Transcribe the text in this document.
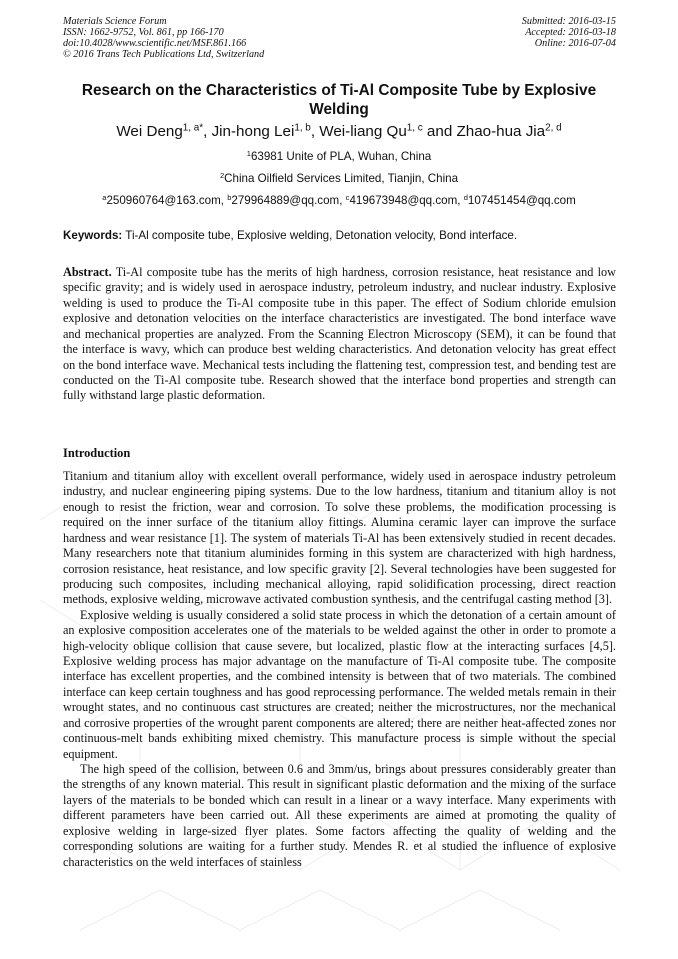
Materials Science Forum
ISSN: 1662-9752, Vol. 861, pp 166-170
doi:10.4028/www.scientific.net/MSF.861.166
© 2016 Trans Tech Publications Ltd, Switzerland
Submitted: 2016-03-15
Accepted: 2016-03-18
Online: 2016-07-04
Research on the Characteristics of Ti-Al Composite Tube by Explosive Welding
Wei Deng$^{1, a*}$, Jin-hong Lei$^{1, b}$, Wei-liang Qu$^{1, c}$ and Zhao-hua Jia$^{2, d}$
$^1$63981 Unite of PLA, Wuhan, China
$^2$China Oilfield Services Limited, Tianjin, China
$^a$250960764@163.com, $^b$279964889@qq.com, $^c$419673948@qq.com, $^d$107451454@qq.com
Keywords: Ti-Al composite tube, Explosive welding, Detonation velocity, Bond interface.
Abstract. Ti-Al composite tube has the merits of high hardness, corrosion resistance, heat resistance and low specific gravity; and is widely used in aerospace industry, petroleum industry, and nuclear industry. Explosive welding is used to produce the Ti-Al composite tube in this paper. The effect of Sodium chloride emulsion explosive and detonation velocities on the interface characteristics are investigated. The bond interface wave and mechanical properties are analyzed. From the Scanning Electron Microscopy (SEM), it can be found that the interface is wavy, which can produce best welding characteristics. And detonation velocity has great effect on the bond interface wave. Mechanical tests including the flattening test, compression test, and bending test are conducted on the Ti-Al composite tube. Research showed that the interface bond properties and strength can fully withstand large plastic deformation.
Introduction

Titanium and titanium alloy with excellent overall performance, widely used in aerospace industry petroleum industry, and nuclear engineering piping systems. Due to the low hardness, titanium and titanium alloy is not enough to resist the friction, wear and corrosion. To solve these problems, the modification processing is required on the inner surface of the titanium alloy fittings. Alumina ceramic layer can improve the surface hardness and wear resistance [1]. The system of materials Ti-Al has been extensively studied in recent decades. Many researchers note that titanium aluminides forming in this system are characterized with high hardness, corrosion resistance, heat resistance, and low specific gravity [2]. Several technologies have been suggested for producing such composites, including mechanical alloying, rapid solidification processing, direct reaction methods, explosive welding, microwave activated combustion synthesis, and the centrifugal casting method [3].

Explosive welding is usually considered a solid state process in which the detonation of a certain amount of an explosive composition accelerates one of the materials to be welded against the other in order to promote a high-velocity oblique collision that cause severe, but localized, plastic flow at the interacting surfaces [4,5]. Explosive welding process has major advantage on the manufacture of Ti-Al composite tube. The composite interface has excellent properties, and the combined intensity is between that of two materials. The combined interface can keep certain toughness and has good reprocessing performance. The welded metals remain in their wrought states, and no continuous cast structures are created; neither the microstructures, nor the mechanical and corrosive properties of the wrought parent components are altered; there are neither heat-affected zones nor continuous-melt bands exhibiting mixed chemistry. This manufacture process is simple without the special equipment.

The high speed of the collision, between 0.6 and 3mm/us, brings about pressures considerably greater than the strengths of any known material. This result in significant plastic deformation and the mixing of the surface layers of the materials to be bonded which can result in a linear or a wavy interface. Many experiments with different parameters have been carried out. All these experiments are aimed at promoting the quality of explosive welding in large-sized flyer plates. Some factors affecting the quality of welding and the corresponding solutions are waiting for a further study. Mendes R. et al studied the influence of explosive characteristics on the weld interfaces of stainless
